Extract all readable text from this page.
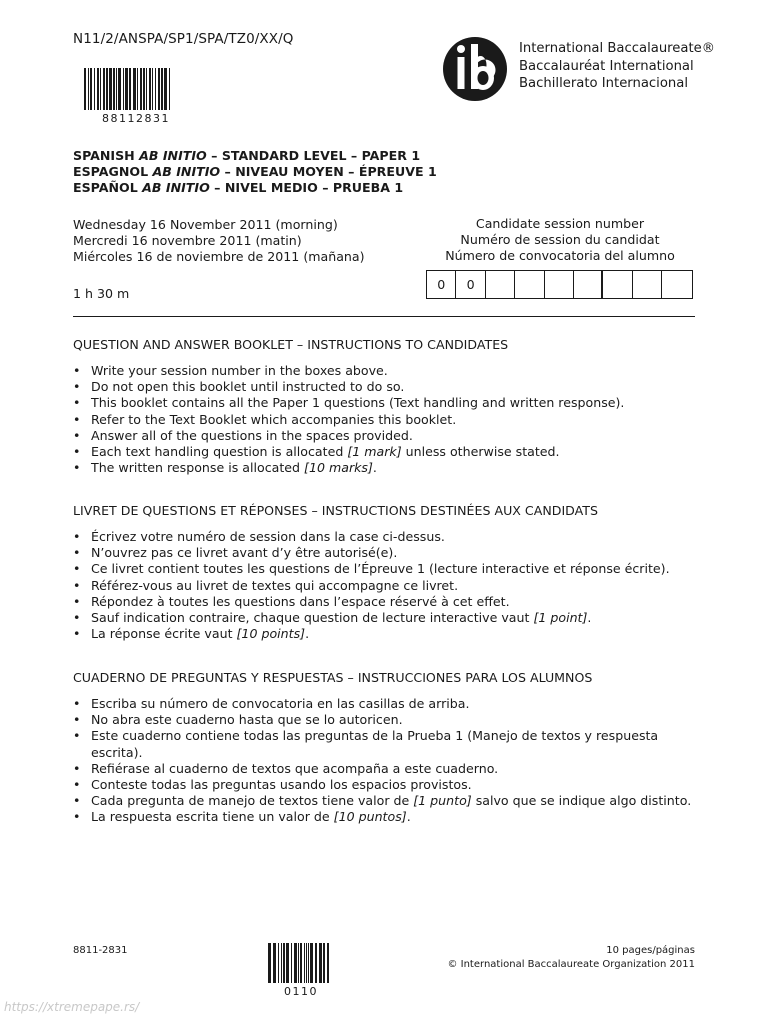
N11/2/ANSPA/SP1/SPA/TZ0/XX/Q
88112831
International Baccalaureate®
Baccalauréat International
Bachillerato Internacional
SPANISH AB INITIO – STANDARD LEVEL – PAPER 1
ESPAGNOL AB INITIO – NIVEAU MOYEN – ÉPREUVE 1
ESPAÑOL AB INITIO – NIVEL MEDIO – PRUEBA 1
Wednesday 16 November 2011 (morning)
Mercredi 16 novembre 2011 (matin)
Miércoles 16 de noviembre de 2011 (mañana)
1 h 30 m
Candidate session number
Numéro de session du candidat
Número de convocatoria del alumno
0	0
QUESTION AND ANSWER BOOKLET – INSTRUCTIONS TO CANDIDATES
• Write your session number in the boxes above.
• Do not open this booklet until instructed to do so.
• This booklet contains all the Paper 1 questions (Text handling and written response).
• Refer to the Text Booklet which accompanies this booklet.
• Answer all of the questions in the spaces provided.
• Each text handling question is allocated [1 mark] unless otherwise stated.
• The written response is allocated [10 marks].
LIVRET DE QUESTIONS ET RÉPONSES – INSTRUCTIONS DESTINÉES AUX CANDIDATS
• Écrivez votre numéro de session dans la case ci-dessus.
• N’ouvrez pas ce livret avant d’y être autorisé(e).
• Ce livret contient toutes les questions de l’Épreuve 1 (lecture interactive et réponse écrite).
• Référez-vous au livret de textes qui accompagne ce livret.
• Répondez à toutes les questions dans l’espace réservé à cet effet.
• Sauf indication contraire, chaque question de lecture interactive vaut [1 point].
• La réponse écrite vaut [10 points].
CUADERNO DE PREGUNTAS Y RESPUESTAS – INSTRUCCIONES PARA LOS ALUMNOS
• Escriba su número de convocatoria en las casillas de arriba.
• No abra este cuaderno hasta que se lo autoricen.
• Este cuaderno contiene todas las preguntas de la Prueba 1 (Manejo de textos y respuesta escrita).
• Refiérase al cuaderno de textos que acompaña a este cuaderno.
• Conteste todas las preguntas usando los espacios provistos.
• Cada pregunta de manejo de textos tiene valor de [1 punto] salvo que se indique algo distinto.
• La respuesta escrita tiene un valor de [10 puntos].
8811-2831
0110
10 pages/páginas
© International Baccalaureate Organization 2011
https://xtremepape.rs/
